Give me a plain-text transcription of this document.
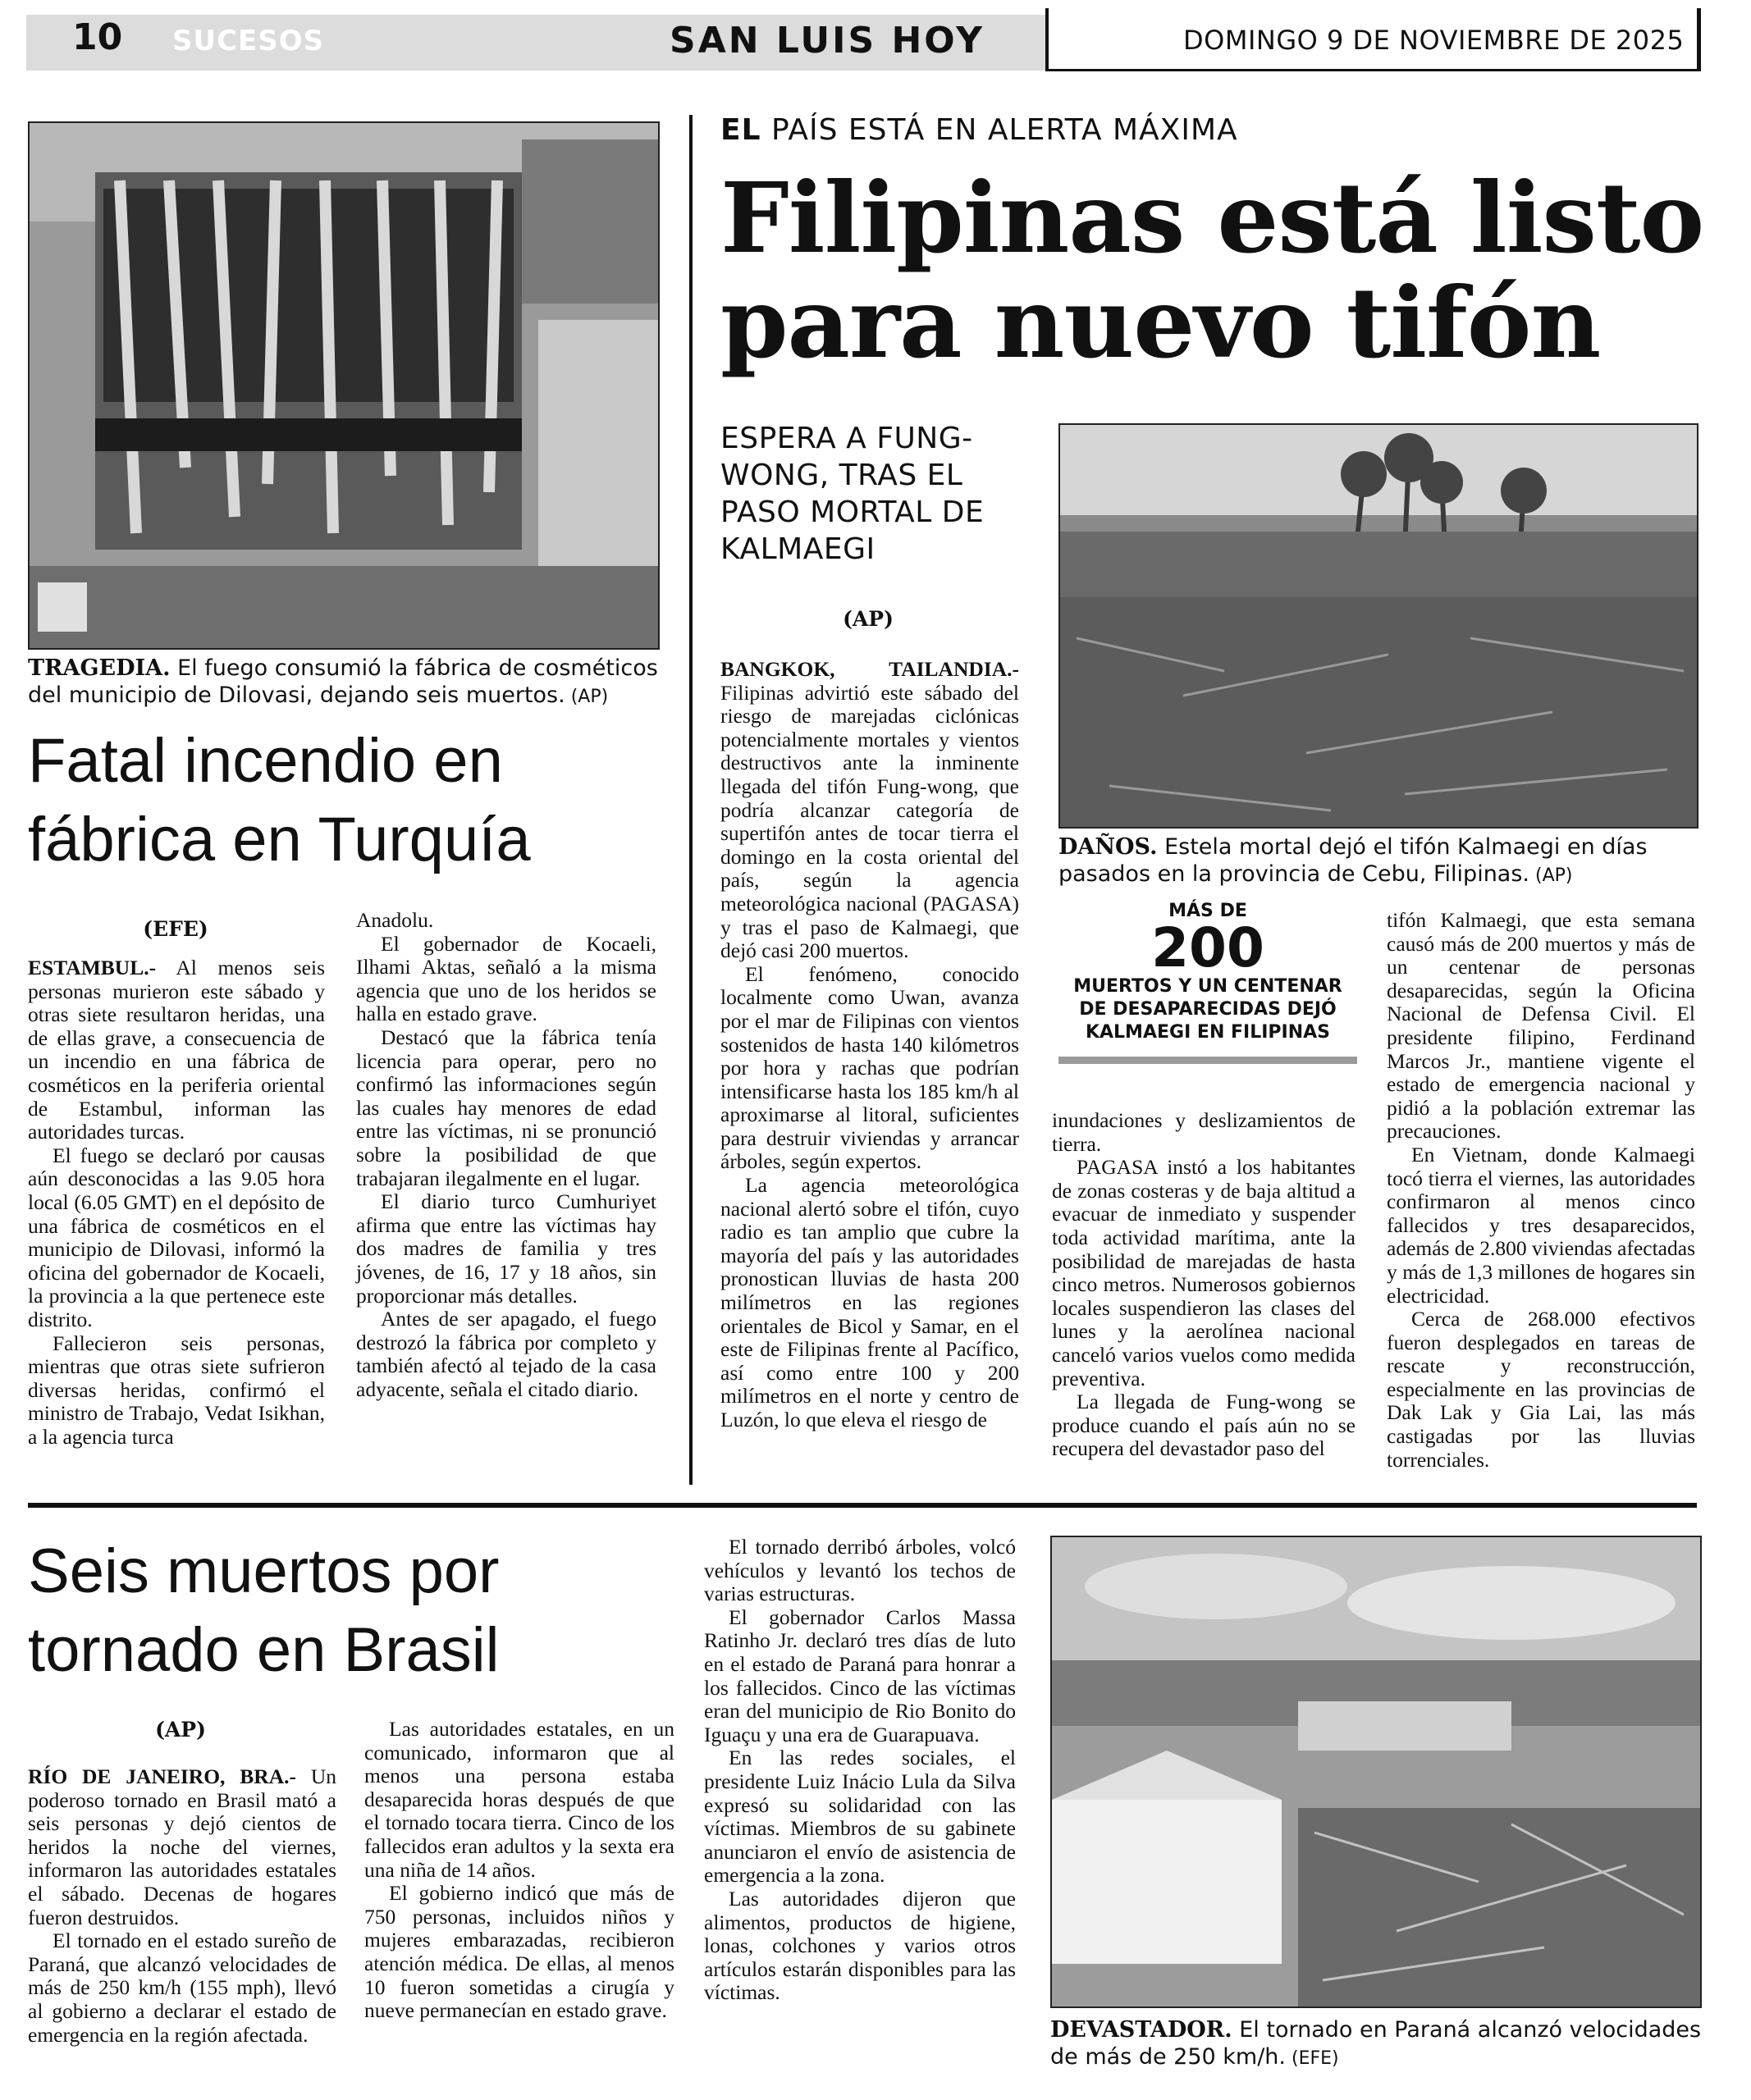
10 SUCESOS	SAN LUIS HOY	DOMINGO 9 DE NOVIEMBRE DE 2025
TRAGEDIA. El fuego consumió la fábrica de cosméticos del municipio de Dilovasi, dejando seis muertos. (AP)
Fatal incendio en fábrica en Turquía
(EFE)

ESTAMBUL.- Al menos seis personas murieron este sábado y otras siete resultaron heridas, una de ellas grave, a consecuencia de un incendio en una fábrica de cosméticos en la periferia oriental de Estambul, informan las autoridades turcas.

El fuego se declaró por causas aún desconocidas a las 9.05 hora local (6.05 GMT) en el depósito de una fábrica de cosméticos en el municipio de Dilovasi, informó la oficina del gobernador de Kocaeli, la provincia a la que pertenece este distrito.

Fallecieron seis personas, mientras que otras siete sufrieron diversas heridas, confirmó el ministro de Trabajo, Vedat Isikhan, a la agencia turca

Anadolu.

El gobernador de Kocaeli, Ilhami Aktas, señaló a la misma agencia que uno de los heridos se halla en estado grave.

Destacó que la fábrica tenía licencia para operar, pero no confirmó las informaciones según las cuales hay menores de edad entre las víctimas, ni se pronunció sobre la posibilidad de que trabajaran ilegalmente en el lugar.

El diario turco Cumhuriyet afirma que entre las víctimas hay dos madres de familia y tres jóvenes, de 16, 17 y 18 años, sin proporcionar más detalles.

Antes de ser apagado, el fuego destrozó la fábrica por completo y también afectó al tejado de la casa adyacente, señala el citado diario.

EL PAÍS ESTÁ EN ALERTA MÁXIMA
Filipinas está listo para nuevo tifón
ESPERA A FUNG-WONG, TRAS EL PASO MORTAL DE KALMAEGI
(AP)
DAÑOS. Estela mortal dejó el tifón Kalmaegi en días pasados en la provincia de Cebu, Filipinas. (AP)

BANGKOK, TAILANDIA.- Filipinas advirtió este sábado del riesgo de marejadas ciclónicas potencialmente mortales y vientos destructivos ante la inminente llegada del tifón Fung-wong, que podría alcanzar categoría de supertifón antes de tocar tierra el domingo en la costa oriental del país, según la agencia meteorológica nacional (PAGASA) y tras el paso de Kalmaegi, que dejó casi 200 muertos.

El fenómeno, conocido localmente como Uwan, avanza por el mar de Filipinas con vientos sostenidos de hasta 140 kilómetros por hora y rachas que podrían intensificarse hasta los 185 km/h al aproximarse al litoral, suficientes para destruir viviendas y arrancar árboles, según expertos.

La agencia meteorológica nacional alertó sobre el tifón, cuyo radio es tan amplio que cubre la mayoría del país y las autoridades pronostican lluvias de hasta 200 milímetros en las regiones orientales de Bicol y Samar, en el este de Filipinas frente al Pacífico, así como entre 100 y 200 milímetros en el norte y centro de Luzón, lo que eleva el riesgo de

MÁS DE
200
MUERTOS Y UN CENTENAR DE DESAPARECIDAS DEJÓ KALMAEGI EN FILIPINAS

inundaciones y deslizamientos de tierra.

PAGASA instó a los habitantes de zonas costeras y de baja altitud a evacuar de inmediato y suspender toda actividad marítima, ante la posibilidad de marejadas de hasta cinco metros. Numerosos gobiernos locales suspendieron las clases del lunes y la aerolínea nacional canceló varios vuelos como medida preventiva.

La llegada de Fung-wong se produce cuando el país aún no se recupera del devastador paso del

tifón Kalmaegi, que esta semana causó más de 200 muertos y más de un centenar de personas desaparecidas, según la Oficina Nacional de Defensa Civil. El presidente filipino, Ferdinand Marcos Jr., mantiene vigente el estado de emergencia nacional y pidió a la población extremar las precauciones.

En Vietnam, donde Kalmaegi tocó tierra el viernes, las autoridades confirmaron al menos cinco fallecidos y tres desaparecidos, además de 2.800 viviendas afectadas y más de 1,3 millones de hogares sin electricidad.

Cerca de 268.000 efectivos fueron desplegados en tareas de rescate y reconstrucción, especialmente en las provincias de Dak Lak y Gia Lai, las más castigadas por las lluvias torrenciales.

Seis muertos por tornado en Brasil
(AP)

RÍO DE JANEIRO, BRA.- Un poderoso tornado en Brasil mató a seis personas y dejó cientos de heridos la noche del viernes, informaron las autoridades estatales el sábado. Decenas de hogares fueron destruidos.

El tornado en el estado sureño de Paraná, que alcanzó velocidades de más de 250 km/h (155 mph), llevó al gobierno a declarar el estado de emergencia en la región afectada.

Las autoridades estatales, en un comunicado, informaron que al menos una persona estaba desaparecida horas después de que el tornado tocara tierra. Cinco de los fallecidos eran adultos y la sexta era una niña de 14 años.

El gobierno indicó que más de 750 personas, incluidos niños y mujeres embarazadas, recibieron atención médica. De ellas, al menos 10 fueron sometidas a cirugía y nueve permanecían en estado grave.

El tornado derribó árboles, volcó vehículos y levantó los techos de varias estructuras.

El gobernador Carlos Massa Ratinho Jr. declaró tres días de luto en el estado de Paraná para honrar a los fallecidos. Cinco de las víctimas eran del municipio de Rio Bonito do Iguaçu y una era de Guarapuava.

En las redes sociales, el presidente Luiz Inácio Lula da Silva expresó su solidaridad con las víctimas. Miembros de su gabinete anunciaron el envío de asistencia de emergencia a la zona.

Las autoridades dijeron que alimentos, productos de higiene, lonas, colchones y varios otros artículos estarán disponibles para las víctimas.

DEVASTADOR. El tornado en Paraná alcanzó velocidades de más de 250 km/h. (EFE)
